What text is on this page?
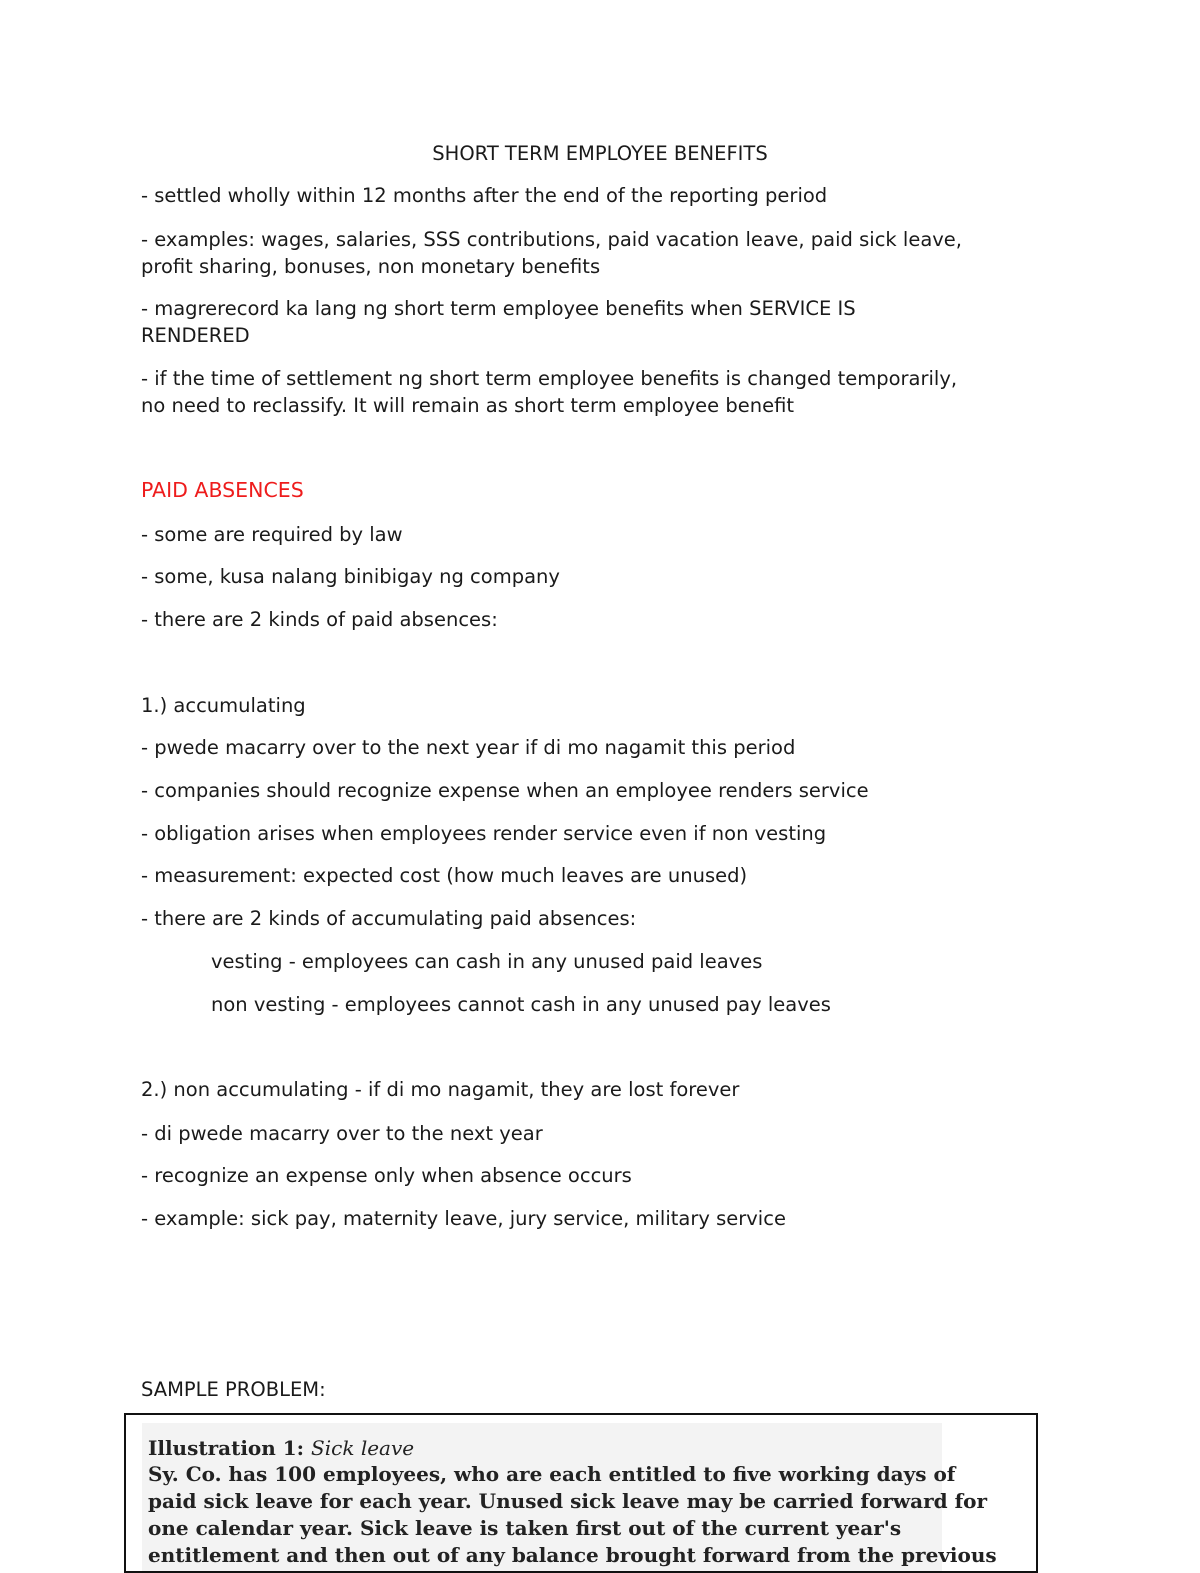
SHORT TERM EMPLOYEE BENEFITS
- settled wholly within 12 months after the end of the reporting period
- examples: wages, salaries, SSS contributions, paid vacation leave, paid sick leave,
profit sharing, bonuses, non monetary benefits
- magrerecord ka lang ng short term employee benefits when SERVICE IS
RENDERED
- if the time of settlement ng short term employee benefits is changed temporarily,
no need to reclassify. It will remain as short term employee benefit
PAID ABSENCES
- some are required by law
- some, kusa nalang binibigay ng company
- there are 2 kinds of paid absences:
1.) accumulating
- pwede macarry over to the next year if di mo nagamit this period
- companies should recognize expense when an employee renders service
- obligation arises when employees render service even if non vesting
- measurement: expected cost (how much leaves are unused)
- there are 2 kinds of accumulating paid absences:
vesting - employees can cash in any unused paid leaves
non vesting - employees cannot cash in any unused pay leaves
2.) non accumulating - if di mo nagamit, they are lost forever
- di pwede macarry over to the next year
- recognize an expense only when absence occurs
- example: sick pay, maternity leave, jury service, military service
SAMPLE PROBLEM:
Illustration 1: Sick leave
Sy. Co. has 100 employees, who are each entitled to five working days of
paid sick leave for each year. Unused sick leave may be carried forward for
one calendar year. Sick leave is taken first out of the current year's
entitlement and then out of any balance brought forward from the previous
